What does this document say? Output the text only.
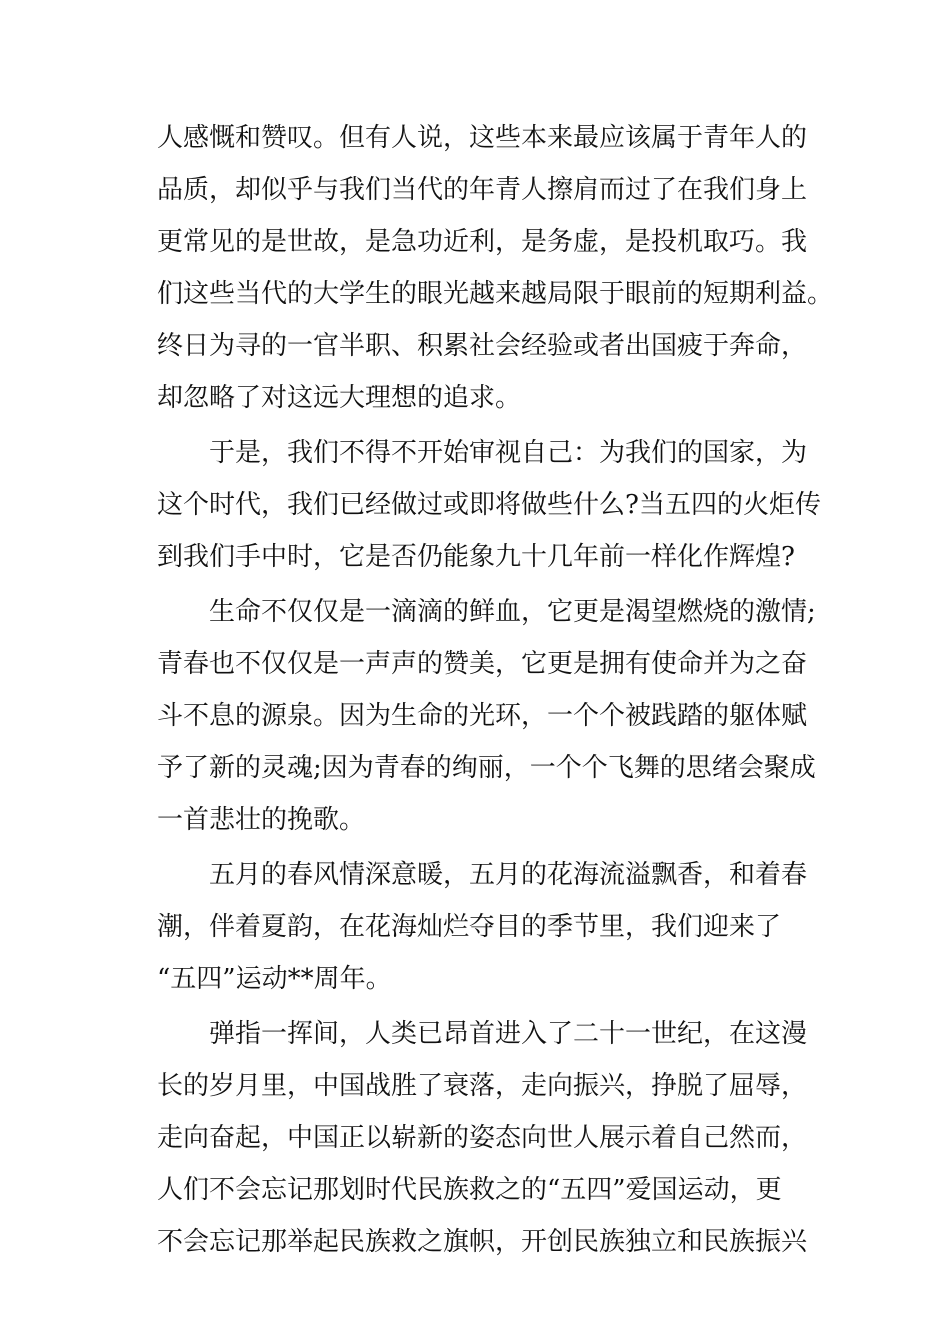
人感慨和赞叹。但有人说，这些本来最应该属于青年人的
品质，却似乎与我们当代的年青人擦肩而过了在我们身上
更常见的是世故，是急功近利，是务虚，是投机取巧。我
们这些当代的大学生的眼光越来越局限于眼前的短期利益。
终日为寻的一官半职、积累社会经验或者出国疲于奔命，
却忽略了对这远大理想的追求。
于是，我们不得不开始审视自己：为我们的国家，为
这个时代，我们已经做过或即将做些什么?当五四的火炬传
到我们手中时，它是否仍能象九十几年前一样化作辉煌?
生命不仅仅是一滴滴的鲜血，它更是渴望燃烧的激情;
青春也不仅仅是一声声的赞美，它更是拥有使命并为之奋
斗不息的源泉。因为生命的光环，一个个被践踏的躯体赋
予了新的灵魂;因为青春的绚丽，一个个飞舞的思绪会聚成
一首悲壮的挽歌。
五月的春风情深意暖，五月的花海流溢飘香，和着春
潮，伴着夏韵，在花海灿烂夺目的季节里，我们迎来了
“五四”运动**周年。
弹指一挥间，人类已昂首进入了二十一世纪，在这漫
长的岁月里，中国战胜了衰落，走向振兴，挣脱了屈辱，
走向奋起，中国正以崭新的姿态向世人展示着自己然而，
人们不会忘记那划时代民族救之的“五四”爱国运动，更
不会忘记那举起民族救之旗帜，开创民族独立和民族振兴
